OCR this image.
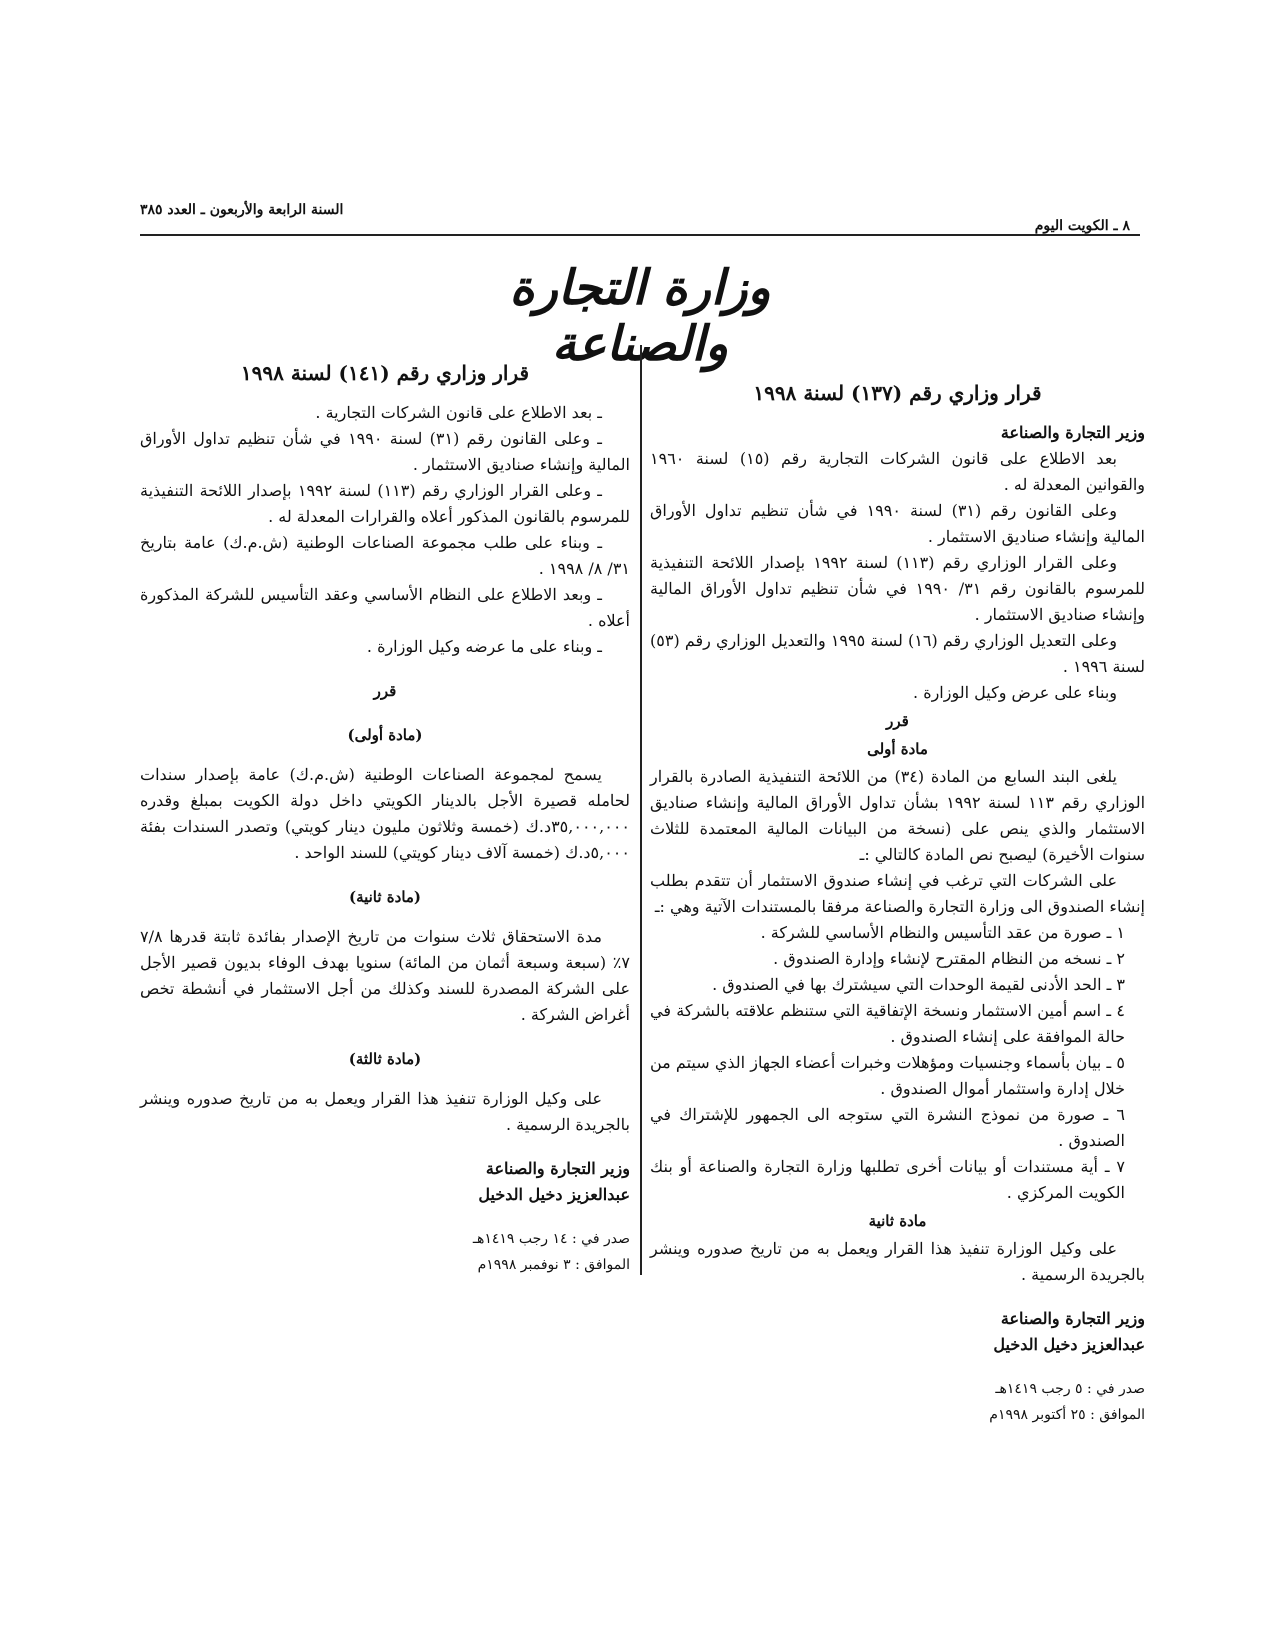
٨ ـ الكويت اليوم
السنة الرابعة والأربعون ـ العدد ٣٨٥
وزارة التجارة والصناعة
قرار وزاري رقم (١٣٧) لسنة ١٩٩٨
وزير التجارة والصناعة

بعد الاطلاع على قانون الشركات التجارية رقم (١٥) لسنة ١٩٦٠ والقوانين المعدلة له .

وعلى القانون رقم (٣١) لسنة ١٩٩٠ في شأن تنظيم تداول الأوراق المالية وإنشاء صناديق الاستثمار .

وعلى القرار الوزاري رقم (١١٣) لسنة ١٩٩٢ بإصدار اللائحة التنفيذية للمرسوم بالقانون رقم ٣١/ ١٩٩٠ في شأن تنظيم تداول الأوراق المالية وإنشاء صناديق الاستثمار .

وعلى التعديل الوزاري رقم (١٦) لسنة ١٩٩٥ والتعديل الوزاري رقم (٥٣) لسنة ١٩٩٦ .

وبناء على عرض وكيل الوزارة .

قرر
مادة أولى

يلغى البند السابع من المادة (٣٤) من اللائحة التنفيذية الصادرة بالقرار الوزاري رقم ١١٣ لسنة ١٩٩٢ بشأن تداول الأوراق المالية وإنشاء صناديق الاستثمار والذي ينص على (نسخة من البيانات المالية المعتمدة للثلاث سنوات الأخيرة) ليصبح نص المادة كالتالي :ـ

على الشركات التي ترغب في إنشاء صندوق الاستثمار أن تتقدم بطلب إنشاء الصندوق الى وزارة التجارة والصناعة مرفقا بالمستندات الآتية وهي :ـ

١ ـ صورة من عقد التأسيس والنظام الأساسي للشركة .

٢ ـ نسخه من النظام المقترح لإنشاء وإدارة الصندوق .

٣ ـ الحد الأدنى لقيمة الوحدات التي سيشترك بها في الصندوق .

٤ ـ اسم أمين الاستثمار ونسخة الإتفاقية التي ستنظم علاقته بالشركة في حالة الموافقة على إنشاء الصندوق .

٥ ـ بيان بأسماء وجنسيات ومؤهلات وخبرات أعضاء الجهاز الذي سيتم من خلال إدارة واستثمار أموال الصندوق .

٦ ـ صورة من نموذج النشرة التي ستوجه الى الجمهور للإشتراك في الصندوق .

٧ ـ أية مستندات أو بيانات أخرى تطلبها وزارة التجارة والصناعة أو بنك الكويت المركزي .

مادة ثانية

على وكيل الوزارة تنفيذ هذا القرار ويعمل به من تاريخ صدوره وينشر بالجريدة الرسمية .

وزير التجارة والصناعة
عبدالعزيز دخيل الدخيل
صدر في : ٥ رجب ١٤١٩هـ
الموافق : ٢٥ أكتوبر ١٩٩٨م
قرار وزاري رقم (١٤١) لسنة ١٩٩٨

ـ بعد الاطلاع على قانون الشركات التجارية .

ـ وعلى القانون رقم (٣١) لسنة ١٩٩٠ في شأن تنظيم تداول الأوراق المالية وإنشاء صناديق الاستثمار .

ـ وعلى القرار الوزاري رقم (١١٣) لسنة ١٩٩٢ بإصدار اللائحة التنفيذية للمرسوم بالقانون المذكور أعلاه والقرارات المعدلة له .

ـ وبناء على طلب مجموعة الصناعات الوطنية (ش.م.ك) عامة بتاريخ ٣١/ ٨/ ١٩٩٨ .

ـ وبعد الاطلاع على النظام الأساسي وعقد التأسيس للشركة المذكورة أعلاه .

ـ وبناء على ما عرضه وكيل الوزارة .

قرر
(مادة أولى)

يسمح لمجموعة الصناعات الوطنية (ش.م.ك) عامة بإصدار سندات لحامله قصيرة الأجل بالدينار الكويتي داخل دولة الكويت بمبلغ وقدره ٣٥,٠٠٠,٠٠٠د.ك (خمسة وثلاثون مليون دينار كويتي) وتصدر السندات بفئة ٥,٠٠٠د.ك (خمسة آلاف دينار كويتي) للسند الواحد .

(مادة ثانية)

مدة الاستحقاق ثلاث سنوات من تاريخ الإصدار بفائدة ثابتة قدرها ٧/٨ ٧٪ (سبعة وسبعة أثمان من المائة) سنويا بهدف الوفاء بديون قصير الأجل على الشركة المصدرة للسند وكذلك من أجل الاستثمار في أنشطة تخص أغراض الشركة .

(مادة ثالثة)

على وكيل الوزارة تنفيذ هذا القرار ويعمل به من تاريخ صدوره وينشر بالجريدة الرسمية .

وزير التجارة والصناعة
عبدالعزيز دخيل الدخيل
صدر في : ١٤ رجب ١٤١٩هـ
الموافق : ٣ نوفمبر ١٩٩٨م
